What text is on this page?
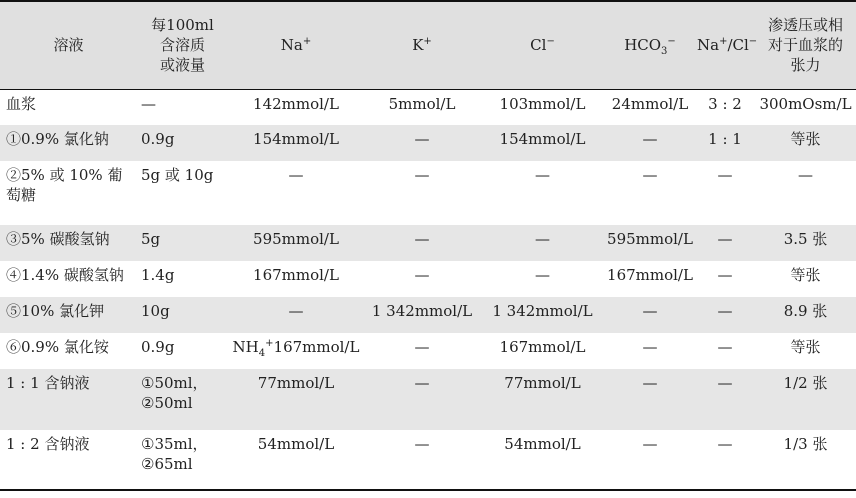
溶液	每100ml
含溶质
或液量	Na+	K+	Cl−	$HCO_3^-$	Na+/Cl−	渗透压或相
对于血浆的
张力

血浆	—	142mmol/L	5mmol/L	103mmol/L	24mmol/L	3 : 2	300mOsm/L
①0.9% 氯化钠	0.9g	154mmol/L	—	154mmol/L	—	1 : 1	等张
②5% 或 10% 葡萄糖	5g 或 10g	—	—	—	—	—	—
③5% 碳酸氢钠	5g	595mmol/L	—	—	595mmol/L	—	3.5 张
④1.4% 碳酸氢钠	1.4g	167mmol/L	—	—	167mmol/L	—	等张
⑤10% 氯化钾	10g	—	1 342mmol/L	1 342mmol/L	—	—	8.9 张
⑥0.9% 氯化铵	0.9g	$NH_4^+167mmol/L$	—	167mmol/L	—	—	等张
1 : 1 含钠液	①50ml，
②50ml	77mmol/L	—	77mmol/L	—	—	1/2 张
1 : 2 含钠液	①35ml，
②65ml	54mmol/L	—	54mmol/L	—	—	1/3 张
